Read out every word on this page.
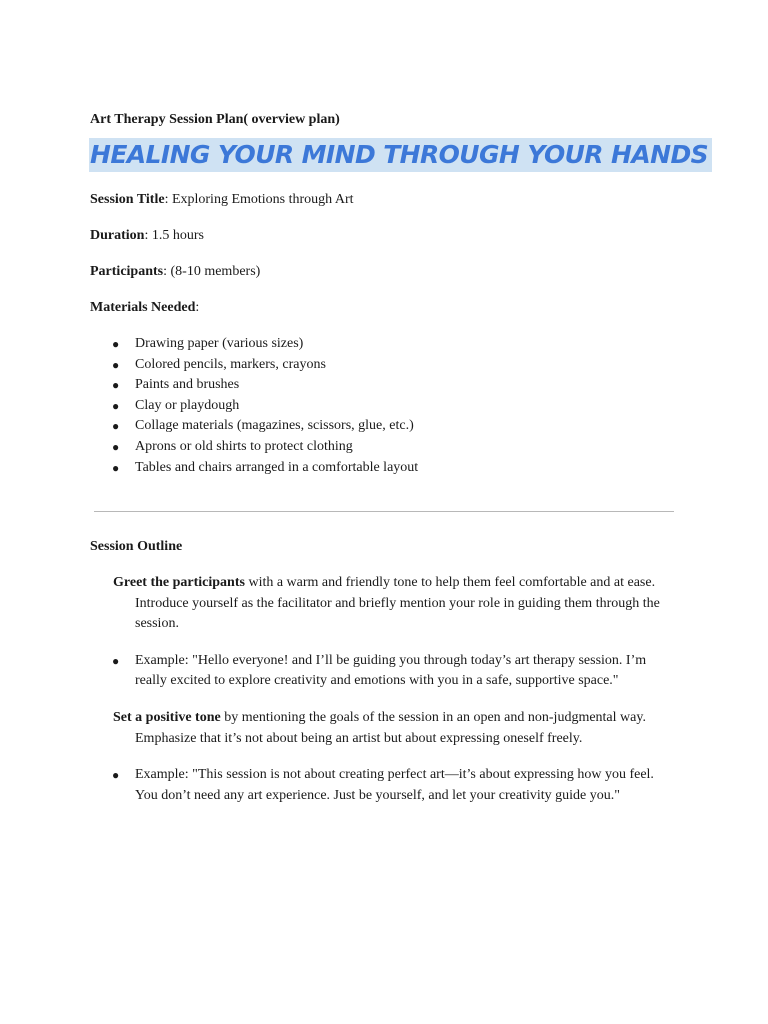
Art Therapy Session Plan( overview plan)

HEALING YOUR MIND THROUGH YOUR HANDS

Session Title: Exploring Emotions through Art

Duration: 1.5 hours

Participants: (8-10 members)

Materials Needed:

● Drawing paper (various sizes)
● Colored pencils, markers, crayons
● Paints and brushes
● Clay or playdough
● Collage materials (magazines, scissors, glue, etc.)
● Aprons or old shirts to protect clothing
● Tables and chairs arranged in a comfortable layout

Session Outline

Greet the participants with a warm and friendly tone to help them feel comfortable and at ease. Introduce yourself as the facilitator and briefly mention your role in guiding them through the session.

● Example: "Hello everyone! and I’ll be guiding you through today’s art therapy session. I’m really excited to explore creativity and emotions with you in a safe, supportive space."

Set a positive tone by mentioning the goals of the session in an open and non-judgmental way. Emphasize that it’s not about being an artist but about expressing oneself freely.

● Example: "This session is not about creating perfect art—it’s about expressing how you feel. You don’t need any art experience. Just be yourself, and let your creativity guide you."
